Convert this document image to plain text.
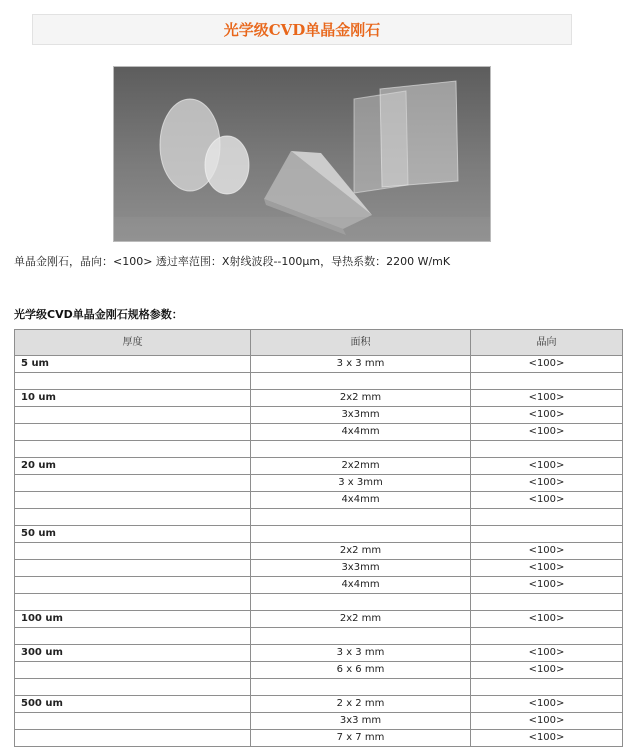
光学级CVD单晶金刚石
单晶金刚石，晶向：<100> 透过率范围：X射线波段--100μm，导热系数：2200 W/mK
光学级CVD单晶金刚石规格参数：
厚度	面积	晶向
5 um	3 x 3 mm	<100>

10 um	2x2 mm	<100>
	3x3mm	<100>
	4x4mm	<100>

20 um	2x2mm	<100>
	3 x 3mm	<100>
	4x4mm	<100>

50 um		
	2x2 mm	<100>
	3x3mm	<100>
	4x4mm	<100>

100 um	2x2 mm	<100>

300 um	3 x 3 mm	<100>
	6 x 6 mm	<100>

500 um	2 x 2 mm	<100>
	3x3 mm	<100>
	7 x 7 mm	<100>
